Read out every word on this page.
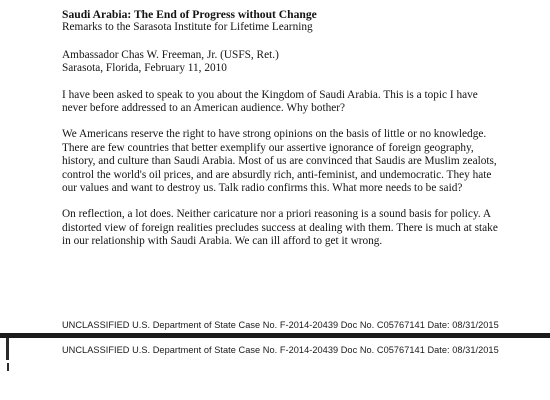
Saudi Arabia: The End of Progress without Change

Remarks to the Sarasota Institute for Lifetime Learning

Ambassador Chas W. Freeman, Jr. (USFS, Ret.)

Sarasota, Florida, February 11, 2010

I have been asked to speak to you about the Kingdom of Saudi Arabia. This is a topic I have
never before addressed to an American audience. Why bother?

We Americans reserve the right to have strong opinions on the basis of little or no knowledge.
There are few countries that better exemplify our assertive ignorance of foreign geography,
history, and culture than Saudi Arabia. Most of us are convinced that Saudis are Muslim zealots,
control the world's oil prices, and are absurdly rich, anti-feminist, and undemocratic. They hate
our values and want to destroy us. Talk radio confirms this. What more needs to be said?

On reflection, a lot does. Neither caricature nor a priori reasoning is a sound basis for policy. A
distorted view of foreign realities precludes success at dealing with them. There is much at stake
in our relationship with Saudi Arabia. We can ill afford to get it wrong.

UNCLASSIFIED U.S. Department of State Case No. F-2014-20439 Doc No. C05767141 Date: 08/31/2015
UNCLASSIFIED U.S. Department of State Case No. F-2014-20439 Doc No. C05767141 Date: 08/31/2015
